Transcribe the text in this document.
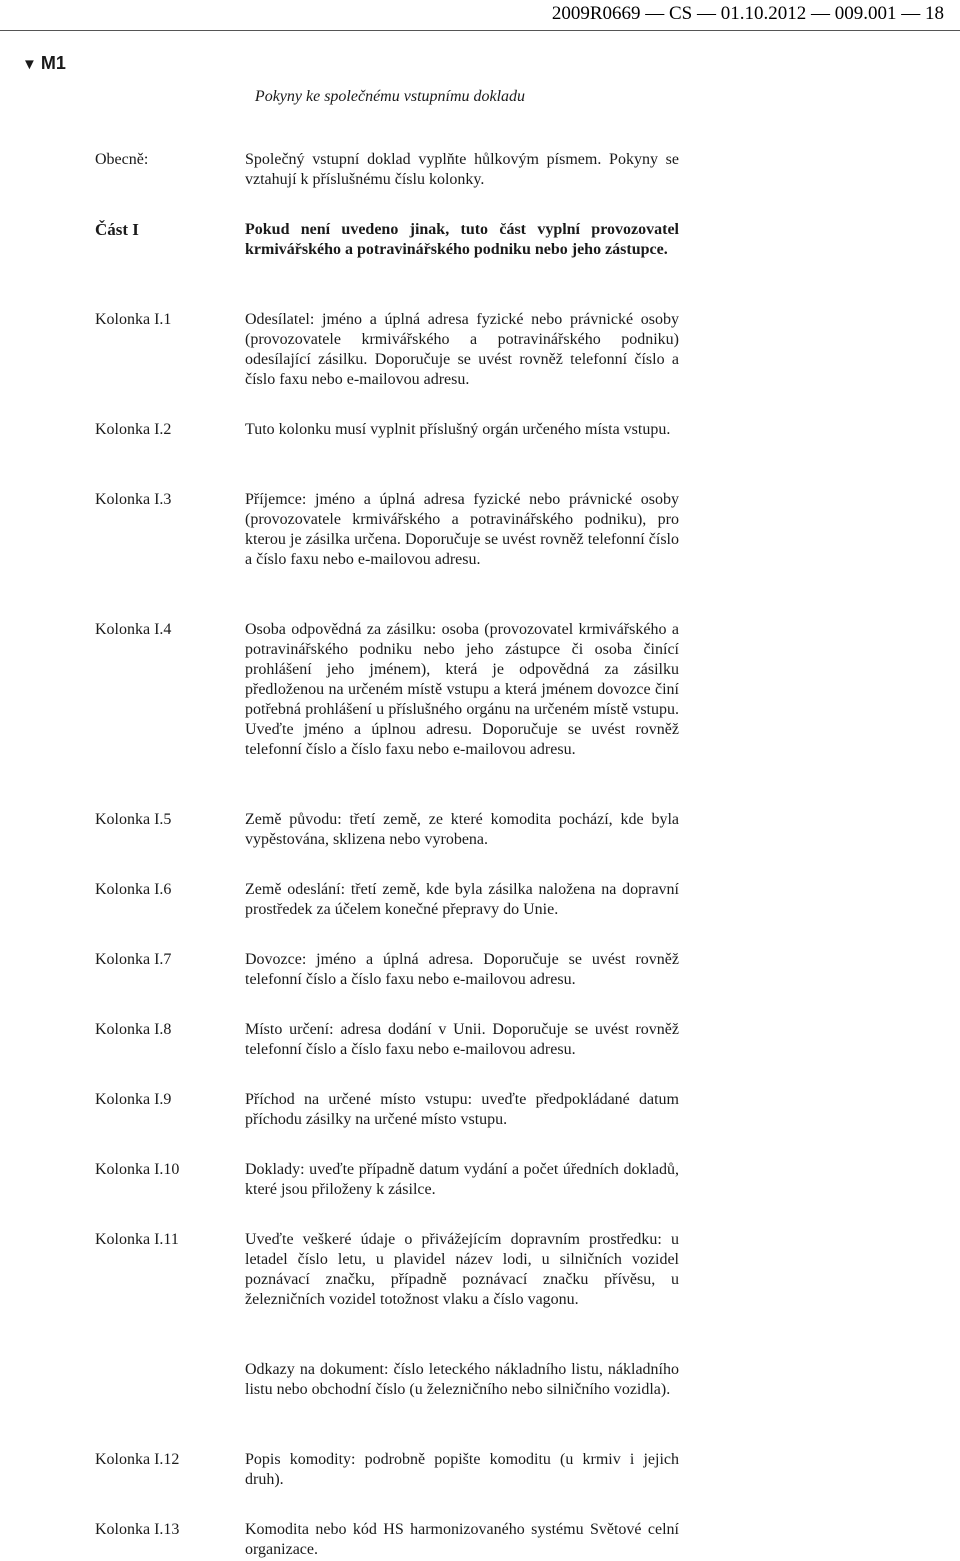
2009R0669 — CS — 01.10.2012 — 009.001 — 18
▼ M1
Pokyny ke společnému vstupnímu dokladu
Obecně:	Společný vstupní doklad vyplňte hůlkovým písmem. Pokyny se vztahují k příslušnému číslu kolonky.
Část I	Pokud není uvedeno jinak, tuto část vyplní provozovatel krmivářského a potravinářského podniku nebo jeho zástupce.
Kolonka I.1	Odesílatel: jméno a úplná adresa fyzické nebo právnické osoby (provozovatele krmivářského a potravinářského podniku) odesílající zásilku. Doporučuje se uvést rovněž telefonní číslo a číslo faxu nebo e-mailovou adresu.
Kolonka I.2	Tuto kolonku musí vyplnit příslušný orgán určeného místa vstupu.
Kolonka I.3	Příjemce: jméno a úplná adresa fyzické nebo právnické osoby (provozovatele krmivářského a potravinářského podniku), pro kterou je zásilka určena. Doporučuje se uvést rovněž telefonní číslo a číslo faxu nebo e-mailovou adresu.
Kolonka I.4	Osoba odpovědná za zásilku: osoba (provozovatel krmivářského a potravinářského podniku nebo jeho zástupce či osoba činící prohlášení jeho jménem), která je odpovědná za zásilku předloženou na určeném místě vstupu a která jménem dovozce činí potřebná prohlášení u příslušného orgánu na určeném místě vstupu. Uveďte jméno a úplnou adresu. Doporučuje se uvést rovněž telefonní číslo a číslo faxu nebo e-mailovou adresu.
Kolonka I.5	Země původu: třetí země, ze které komodita pochází, kde byla vypěstována, sklizena nebo vyrobena.
Kolonka I.6	Země odeslání: třetí země, kde byla zásilka naložena na dopravní prostředek za účelem konečné přepravy do Unie.
Kolonka I.7	Dovozce: jméno a úplná adresa. Doporučuje se uvést rovněž telefonní číslo a číslo faxu nebo e-mailovou adresu.
Kolonka I.8	Místo určení: adresa dodání v Unii. Doporučuje se uvést rovněž telefonní číslo a číslo faxu nebo e-mailovou adresu.
Kolonka I.9	Příchod na určené místo vstupu: uveďte předpokládané datum příchodu zásilky na určené místo vstupu.
Kolonka I.10	Doklady: uveďte případně datum vydání a počet úředních dokladů, které jsou přiloženy k zásilce.
Kolonka I.11	Uveďte veškeré údaje o přivážejícím dopravním prostředku: u letadel číslo letu, u plavidel název lodi, u silničních vozidel poznávací značku, případně poznávací značku přívěsu, u železničních vozidel totožnost vlaku a číslo vagonu.
Odkazy na dokument: číslo leteckého nákladního listu, nákladního listu nebo obchodní číslo (u železničního nebo silničního vozidla).
Kolonka I.12	Popis komodity: podrobně popište komoditu (u krmiv i jejich druh).
Kolonka I.13	Komodita nebo kód HS harmonizovaného systému Světové celní organizace.
